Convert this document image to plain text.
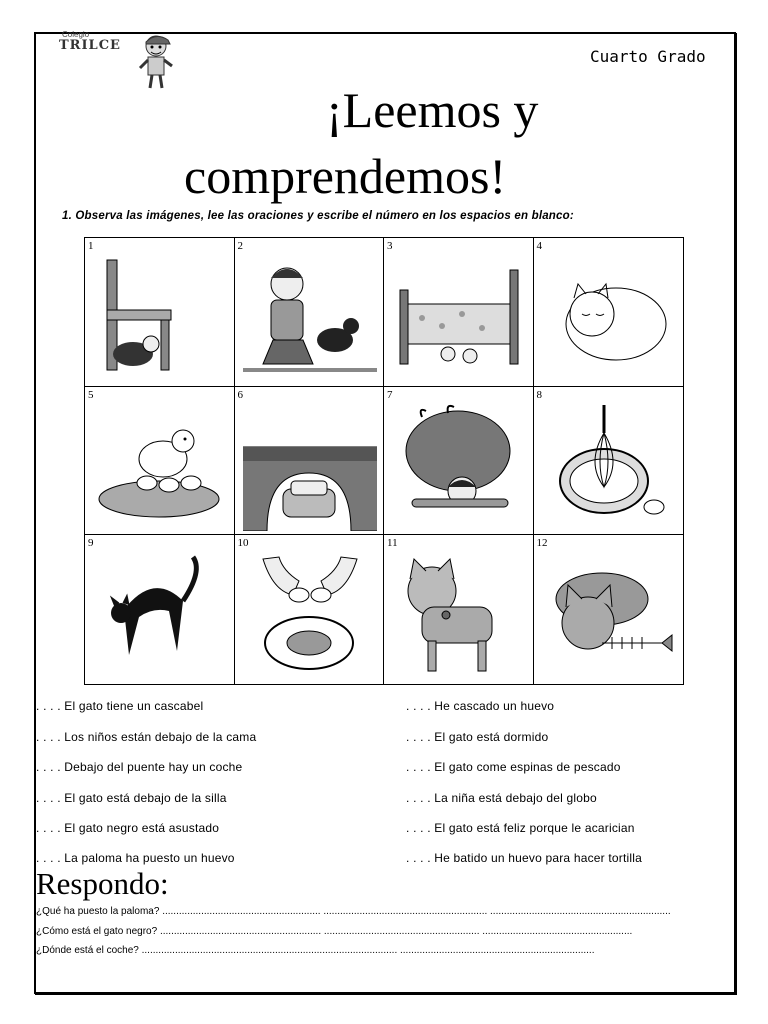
Colegio
TRILCE
Cuarto Grado
¡Leemos y
comprendemos!
1. Observa las imágenes, lee las oraciones y escribe el número en los espacios en blanco:
1	2	3	4
5	6	7	8
9	10	11	12
. . . . El gato tiene un cascabel
. . . . Los niños están debajo de la cama
. . . . Debajo del puente hay un coche
. . . . El gato está debajo de la silla
. . . . El gato negro está asustado
. . . . La paloma ha puesto un huevo
. . . . He cascado un huevo
. . . . El gato está dormido
. . . . El gato come espinas de pescado
. . . . La niña está debajo del globo
. . . . El gato está feliz porque le acarician
. . . . He batido un huevo para hacer tortilla
Respondo:
¿Qué ha puesto la paloma? ......................................................... ........................................................... .................................................................
¿Cómo está el gato negro? .......................................................... ........................................................ ......................................................
¿Dónde está el coche? ............................................................................................ ......................................................................
